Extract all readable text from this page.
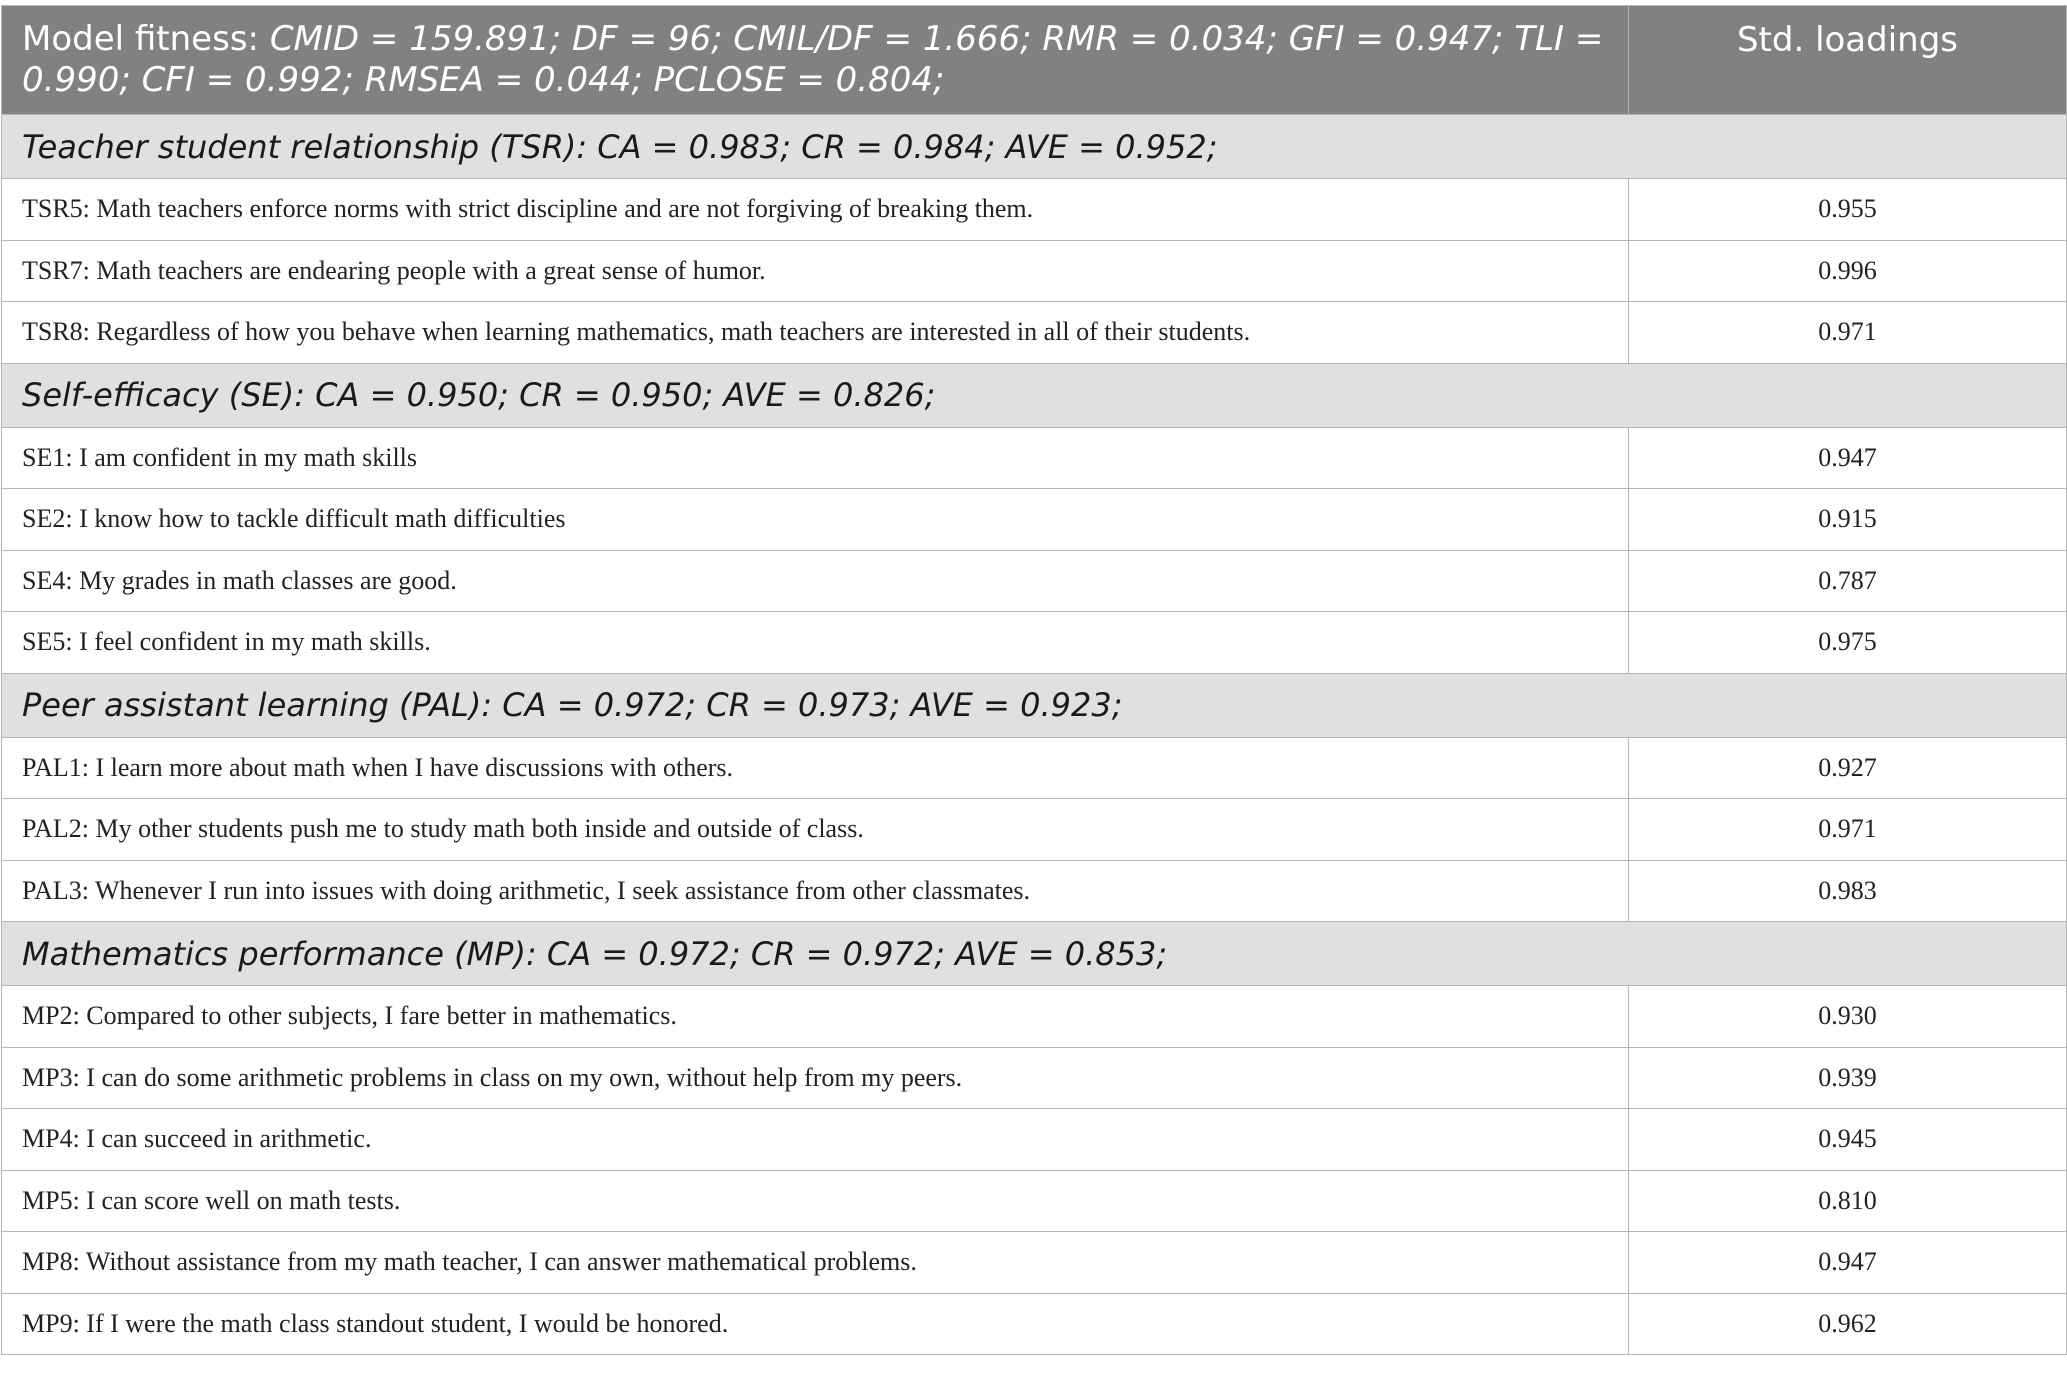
Model fitness: CMID = 159.891; DF = 96; CMIL/DF = 1.666; RMR = 0.034; GFI = 0.947; TLI = 0.990; CFI = 0.992; RMSEA = 0.044; PCLOSE = 0.804;	Std. loadings
Teacher student relationship (TSR): CA = 0.983; CR = 0.984; AVE = 0.952;	
TSR5: Math teachers enforce norms with strict discipline and are not forgiving of breaking them.	0.955
TSR7: Math teachers are endearing people with a great sense of humor.	0.996
TSR8: Regardless of how you behave when learning mathematics, math teachers are interested in all of their students.	0.971
Self-efficacy (SE): CA = 0.950; CR = 0.950; AVE = 0.826;	
SE1: I am confident in my math skills	0.947
SE2: I know how to tackle difficult math difficulties	0.915
SE4: My grades in math classes are good.	0.787
SE5: I feel confident in my math skills.	0.975
Peer assistant learning (PAL): CA = 0.972; CR = 0.973; AVE = 0.923;	
PAL1: I learn more about math when I have discussions with others.	0.927
PAL2: My other students push me to study math both inside and outside of class.	0.971
PAL3: Whenever I run into issues with doing arithmetic, I seek assistance from other classmates.	0.983
Mathematics performance (MP): CA = 0.972; CR = 0.972; AVE = 0.853;	
MP2: Compared to other subjects, I fare better in mathematics.	0.930
MP3: I can do some arithmetic problems in class on my own, without help from my peers.	0.939
MP4: I can succeed in arithmetic.	0.945
MP5: I can score well on math tests.	0.810
MP8: Without assistance from my math teacher, I can answer mathematical problems.	0.947
MP9: If I were the math class standout student, I would be honored.	0.962
